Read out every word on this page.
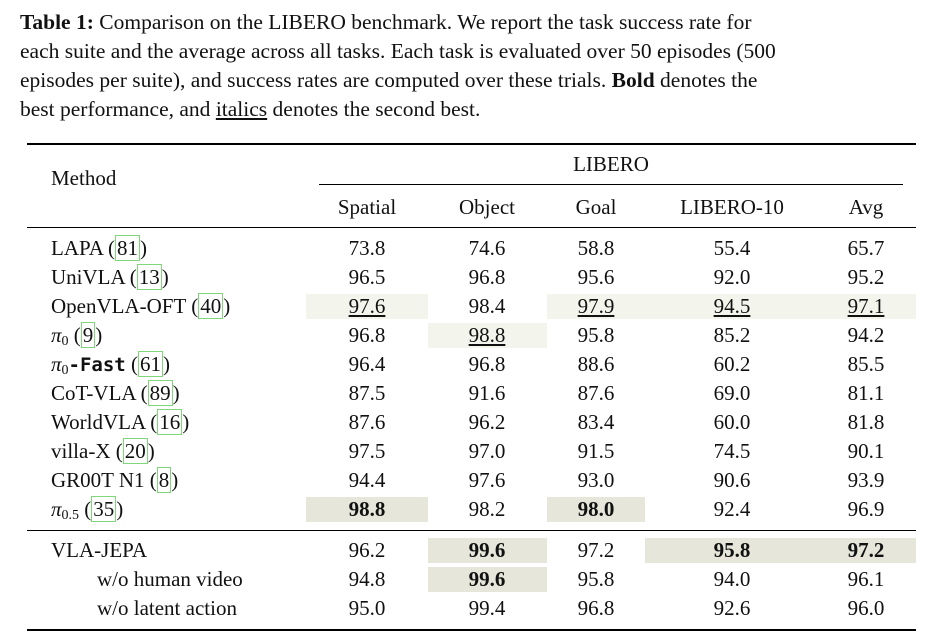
Table 1: Comparison on the LIBERO benchmark. We report the task success rate for
each suite and the average across all tasks. Each task is evaluated over 50 episodes (500
episodes per suite), and success rates are computed over these trials. Bold denotes the
best performance, and italics denotes the second best.
Method
LIBERO
Spatial	Object	Goal	LIBERO-10	Avg
LAPA (81)	73.8	74.6	58.8	55.4	65.7
UniVLA (13)	96.5	96.8	95.6	92.0	95.2
OpenVLA-OFT (40)	97.6	98.4	97.9	94.5	97.1
$\pi_0$ (9)	96.8	98.8	95.8	85.2	94.2
$\pi_0$-Fast (61)	96.4	96.8	88.6	60.2	85.5
CoT-VLA (89)	87.5	91.6	87.6	69.0	81.1
WorldVLA (16)	87.6	96.2	83.4	60.0	81.8
villa-X (20)	97.5	97.0	91.5	74.5	90.1
GR00T N1 (8)	94.4	97.6	93.0	90.6	93.9
$\pi_{0.5}$ (35)	98.8	98.2	98.0	92.4	96.9
VLA-JEPA	96.2	99.6	97.2	95.8	97.2
w/o human video	94.8	99.6	95.8	94.0	96.1
w/o latent action	95.0	99.4	96.8	92.6	96.0
